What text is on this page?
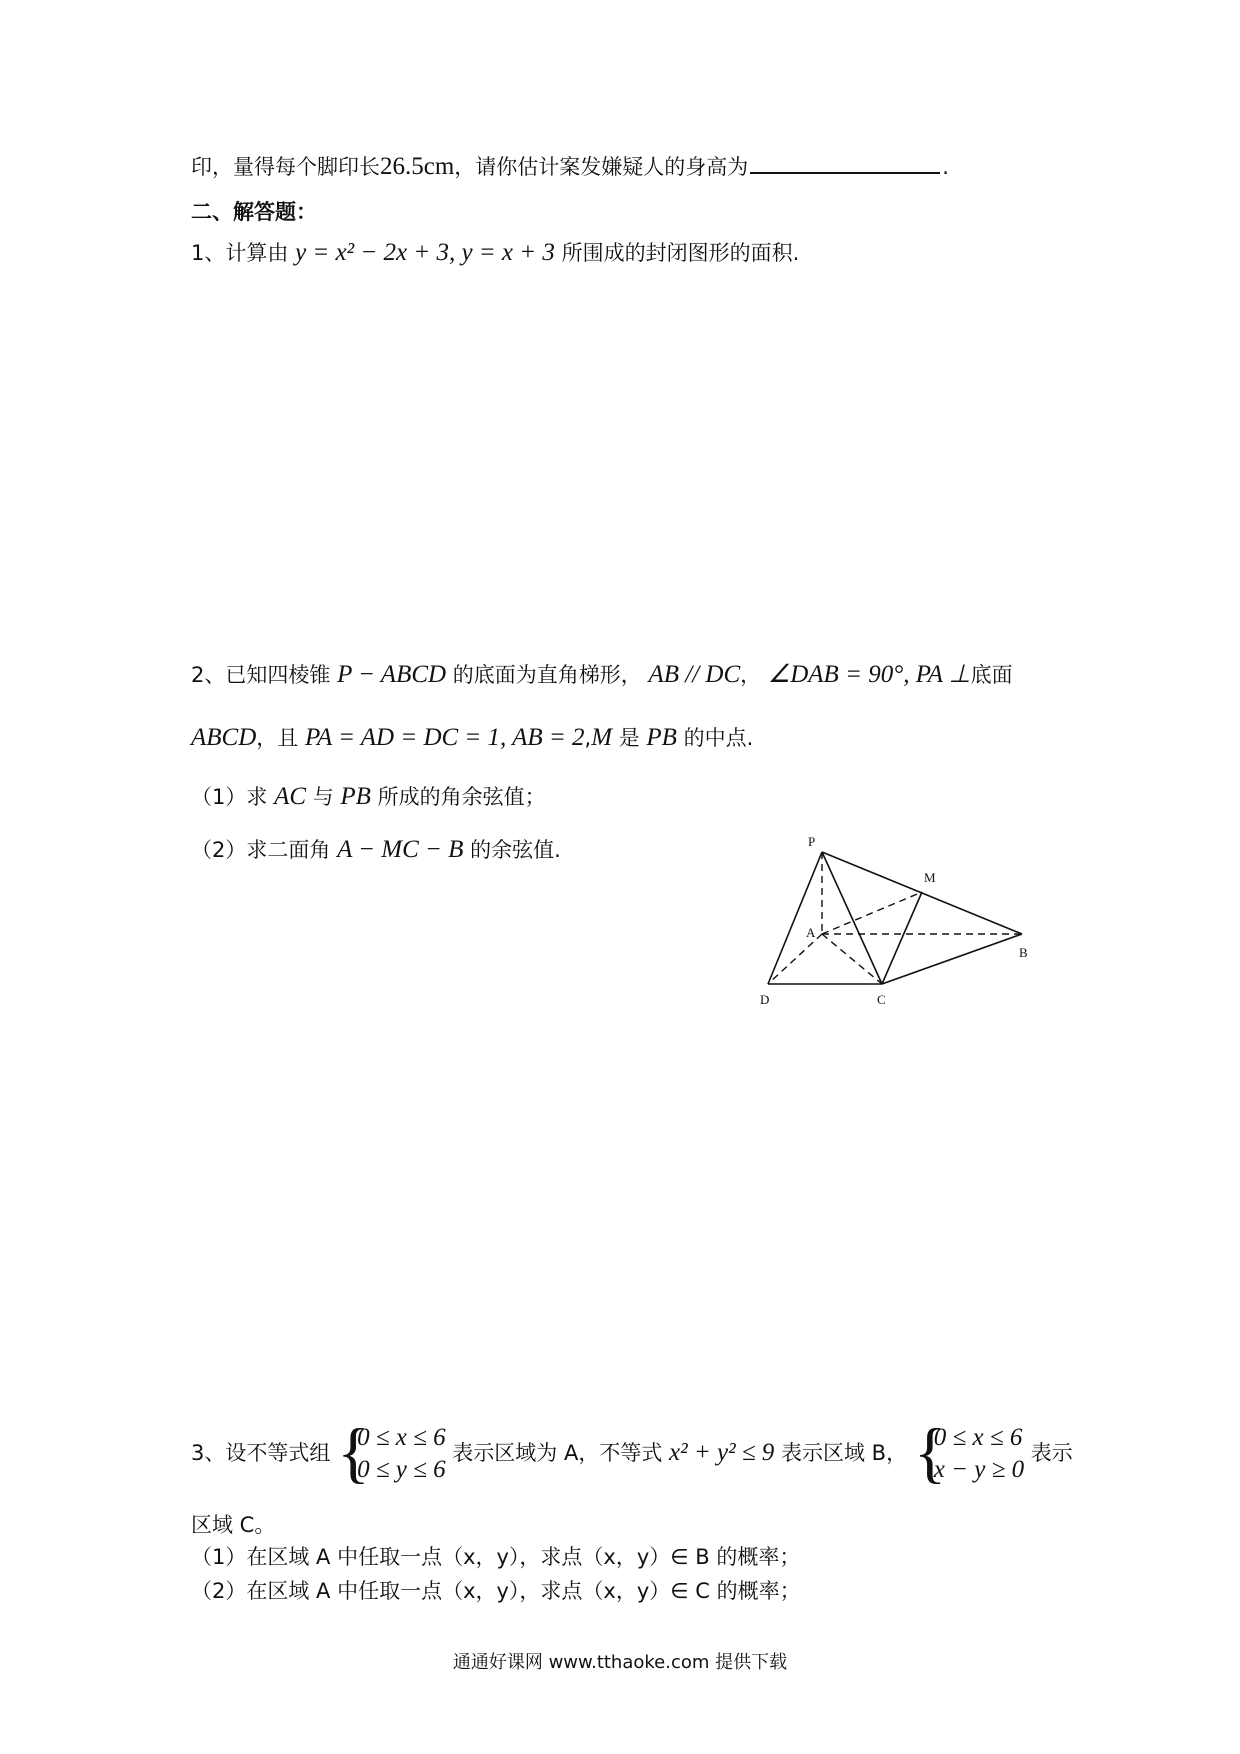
印，量得每个脚印长26.5cm，请你估计案发嫌疑人的身高为	.
二、解答题：
1、计算由 y = x² − 2x + 3, y = x + 3 所围成的封闭图形的面积.
2、已知四棱锥 P − ABCD 的底面为直角梯形， AB // DC， ∠DAB = 90°, PA ⊥底面
ABCD，且 PA = AD = DC = 1, AB = 2,M 是 PB 的中点.
（1）求 AC 与 PB 所成的角余弦值；
（2）求二面角 A − MC − B 的余弦值.	P
M
A
B
D	C
3、设不等式组 {
0 ≤ x ≤ 6
0 ≤ y ≤ 6
表示区域为 A，不等式 x² + y² ≤ 9 表示区域 B， {
0 ≤ x ≤ 6
x − y ≥ 0
表示
区域 C。
（1）在区域 A 中任取一点（x，y），求点（x，y）∈ B 的概率；
（2）在区域 A 中任取一点（x，y），求点（x，y）∈ C 的概率；
通通好课网 www.tthaoke.com 提供下载
